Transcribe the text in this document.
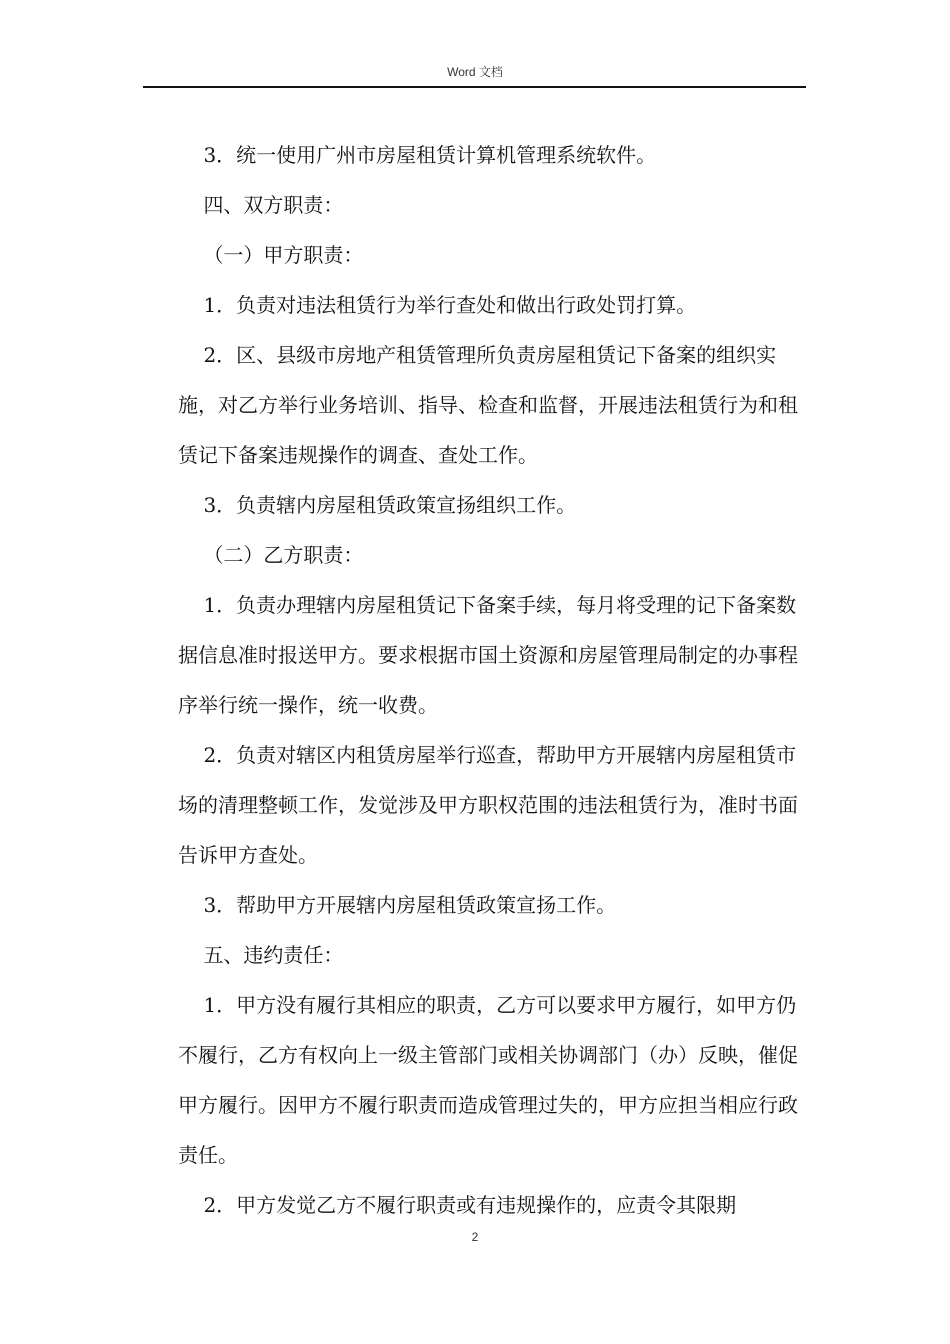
Word 文档

3．统一使用广州市房屋租赁计算机管理系统软件。

四、双方职责：

（一）甲方职责：

1．负责对违法租赁行为举行查处和做出行政处罚打算。

2．区、县级市房地产租赁管理所负责房屋租赁记下备案的组织实施，对乙方举行业务培训、指导、检查和监督，开展违法租赁行为和租赁记下备案违规操作的调查、查处工作。

3．负责辖内房屋租赁政策宣扬组织工作。

（二）乙方职责：

1．负责办理辖内房屋租赁记下备案手续，每月将受理的记下备案数据信息准时报送甲方。要求根据市国土资源和房屋管理局制定的办事程序举行统一操作，统一收费。

2．负责对辖区内租赁房屋举行巡查，帮助甲方开展辖内房屋租赁市场的清理整顿工作，发觉涉及甲方职权范围的违法租赁行为，准时书面告诉甲方查处。

3．帮助甲方开展辖内房屋租赁政策宣扬工作。

五、违约责任：

1．甲方没有履行其相应的职责，乙方可以要求甲方履行，如甲方仍不履行，乙方有权向上一级主管部门或相关协调部门（办）反映，催促甲方履行。因甲方不履行职责而造成管理过失的，甲方应担当相应行政责任。

2．甲方发觉乙方不履行职责或有违规操作的，应责令其限期

2
